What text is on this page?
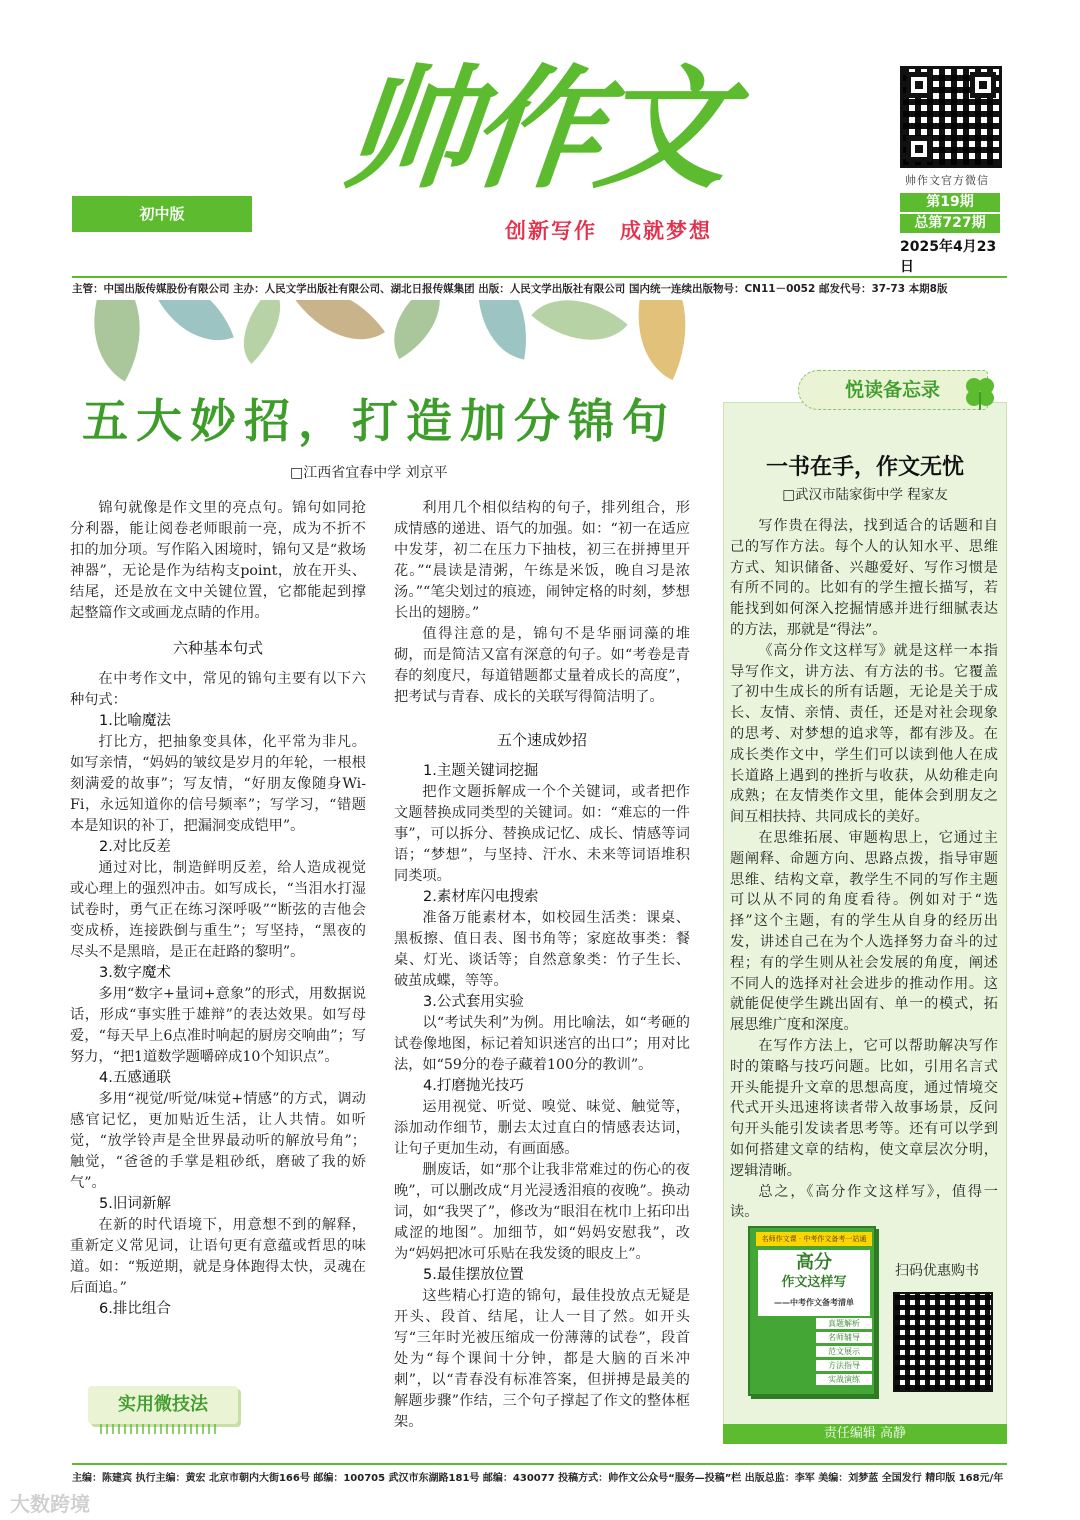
帅作文
初中版
创新写作　成就梦想
帅作文官方微信
第19期
总第727期
2025年4月23日
主管：中国出版传媒股份有限公司 主办：人民文学出版社有限公司、湖北日报传媒集团 出版：人民文学出版社有限公司 国内统一连续出版物号：CN11－0052 邮发代号：37-73 本期8版
五大妙招，打造加分锦句
□江西省宜春中学 刘京平

锦句就像是作文里的亮点句。锦句如同抢分利器，能让阅卷老师眼前一亮，成为不折不扣的加分项。写作陷入困境时，锦句又是“救场神器”，无论是作为结构支point，放在开头、结尾，还是放在文中关键位置，它都能起到撑起整篇作文或画龙点睛的作用。

六种基本句式

在中考作文中，常见的锦句主要有以下六种句式：

1.比喻魔法

打比方，把抽象变具体，化平常为非凡。如写亲情，“妈妈的皱纹是岁月的年轮，一根根刻满爱的故事”；写友情，“好朋友像随身Wi-Fi，永远知道你的信号频率”；写学习，“错题本是知识的补丁，把漏洞变成铠甲”。

2.对比反差

通过对比，制造鲜明反差，给人造成视觉或心理上的强烈冲击。如写成长，“当泪水打湿试卷时，勇气正在练习深呼吸”“断弦的吉他会变成桥，连接跌倒与重生”；写坚持，“黑夜的尽头不是黑暗，是正在赶路的黎明”。

3.数字魔术

多用“数字+量词+意象”的形式，用数据说话，形成“事实胜于雄辩”的表达效果。如写母爱，“每天早上6点准时响起的厨房交响曲”；写努力，“把1道数学题嚼碎成10个知识点”。

4.五感通联

多用“视觉/听觉/味觉+情感”的方式，调动感官记忆，更加贴近生活，让人共情。如听觉，“放学铃声是全世界最动听的解放号角”；触觉，“爸爸的手掌是粗砂纸，磨破了我的娇气”。

5.旧词新解

在新的时代语境下，用意想不到的解释，重新定义常见词，让语句更有意蕴或哲思的味道。如：“叛逆期，就是身体跑得太快，灵魂在后面追。”

6.排比组合

利用几个相似结构的句子，排列组合，形成情感的递进、语气的加强。如：“初一在适应中发芽，初二在压力下抽枝，初三在拼搏里开花。”“晨读是清粥，午练是米饭，晚自习是浓汤。”“笔尖划过的痕迹，闹钟定格的时刻，梦想长出的翅膀。”

值得注意的是，锦句不是华丽词藻的堆砌，而是简洁又富有深意的句子。如“考卷是青春的刻度尺，每道错题都丈量着成长的高度”，把考试与青春、成长的关联写得简洁明了。

五个速成妙招
1.主题关键词挖掘

把作文题拆解成一个个关键词，或者把作文题替换成同类型的关键词。如：“难忘的一件事”，可以拆分、替换成记忆、成长、情感等词语；“梦想”，与坚持、汗水、未来等词语堆积同类项。

2.素材库闪电搜索

准备万能素材本，如校园生活类：课桌、黑板擦、值日表、图书角等；家庭故事类：餐桌、灯光、谈话等；自然意象类：竹子生长、破茧成蝶，等等。

3.公式套用实验

以“考试失利”为例。用比喻法，如“考砸的试卷像地图，标记着知识迷宫的出口”；用对比法，如“59分的卷子藏着100分的教训”。

4.打磨抛光技巧

运用视觉、听觉、嗅觉、味觉、触觉等，添加动作细节，删去太过直白的情感表达词，让句子更加生动，有画面感。

删废话，如“那个让我非常难过的伤心的夜晚”，可以删改成“月光浸透泪痕的夜晚”。换动词，如“我哭了”，修改为“眼泪在枕巾上拓印出咸涩的地图”。加细节，如“妈妈安慰我”，改为“妈妈把冰可乐贴在我发烫的眼皮上”。

5.最佳摆放位置

这些精心打造的锦句，最佳投放点无疑是开头、段首、结尾，让人一目了然。如开头写“三年时光被压缩成一份薄薄的试卷”，段首处为“每个课间十分钟，都是大脑的百米冲刺”，以“青春没有标准答案，但拼搏是最美的解题步骤”作结，三个句子撑起了作文的整体框架。

实用微技法
悦读备忘录
一书在手，作文无忧
□武汉市陆家街中学 程家友

写作贵在得法，找到适合的话题和自己的写作方法。每个人的认知水平、思维方式、知识储备、兴趣爱好、写作习惯是有所不同的。比如有的学生擅长描写，若能找到如何深入挖掘情感并进行细腻表达的方法，那就是“得法”。

《高分作文这样写》就是这样一本指导写作文，讲方法、有方法的书。它覆盖了初中生成长的所有话题，无论是关于成长、友情、亲情、责任，还是对社会现象的思考、对梦想的追求等，都有涉及。在成长类作文中，学生们可以读到他人在成长道路上遇到的挫折与收获，从幼稚走向成熟；在友情类作文里，能体会到朋友之间互相扶持、共同成长的美好。

在思维拓展、审题构思上，它通过主题阐释、命题方向、思路点拨，指导审题思维、结构文章，教学生不同的写作主题可以从不同的角度看待。例如对于“选择”这个主题，有的学生从自身的经历出发，讲述自己在为个人选择努力奋斗的过程；有的学生则从社会发展的角度，阐述不同人的选择对社会进步的推动作用。这就能促使学生跳出固有、单一的模式，拓展思维广度和深度。

在写作方法上，它可以帮助解决写作时的策略与技巧问题。比如，引用名言式开头能提升文章的思想高度，通过情境交代式开头迅速将读者带入故事场景，反问句开头能引发读者思考等。还有可以学到如何搭建文章的结构，使文章层次分明，逻辑清晰。

总之，《高分作文这样写》，值得一读。

名师作文课 · 中考作文备考一站通
高分
作文这样写
——中考作文备考清单
真题解析
名师辅导
范文展示
方法指导
实战演练
扫码优惠购书
责任编辑 高静
主编：陈建宾 执行主编：黄宏 北京市朝内大街166号 邮编：100705 武汉市东湖路181号 邮编：430077 投稿方式：帅作文公众号“服务—投稿”栏 出版总监：李军 美编：刘梦蓝 全国发行 精印版 168元/年
大数跨境
